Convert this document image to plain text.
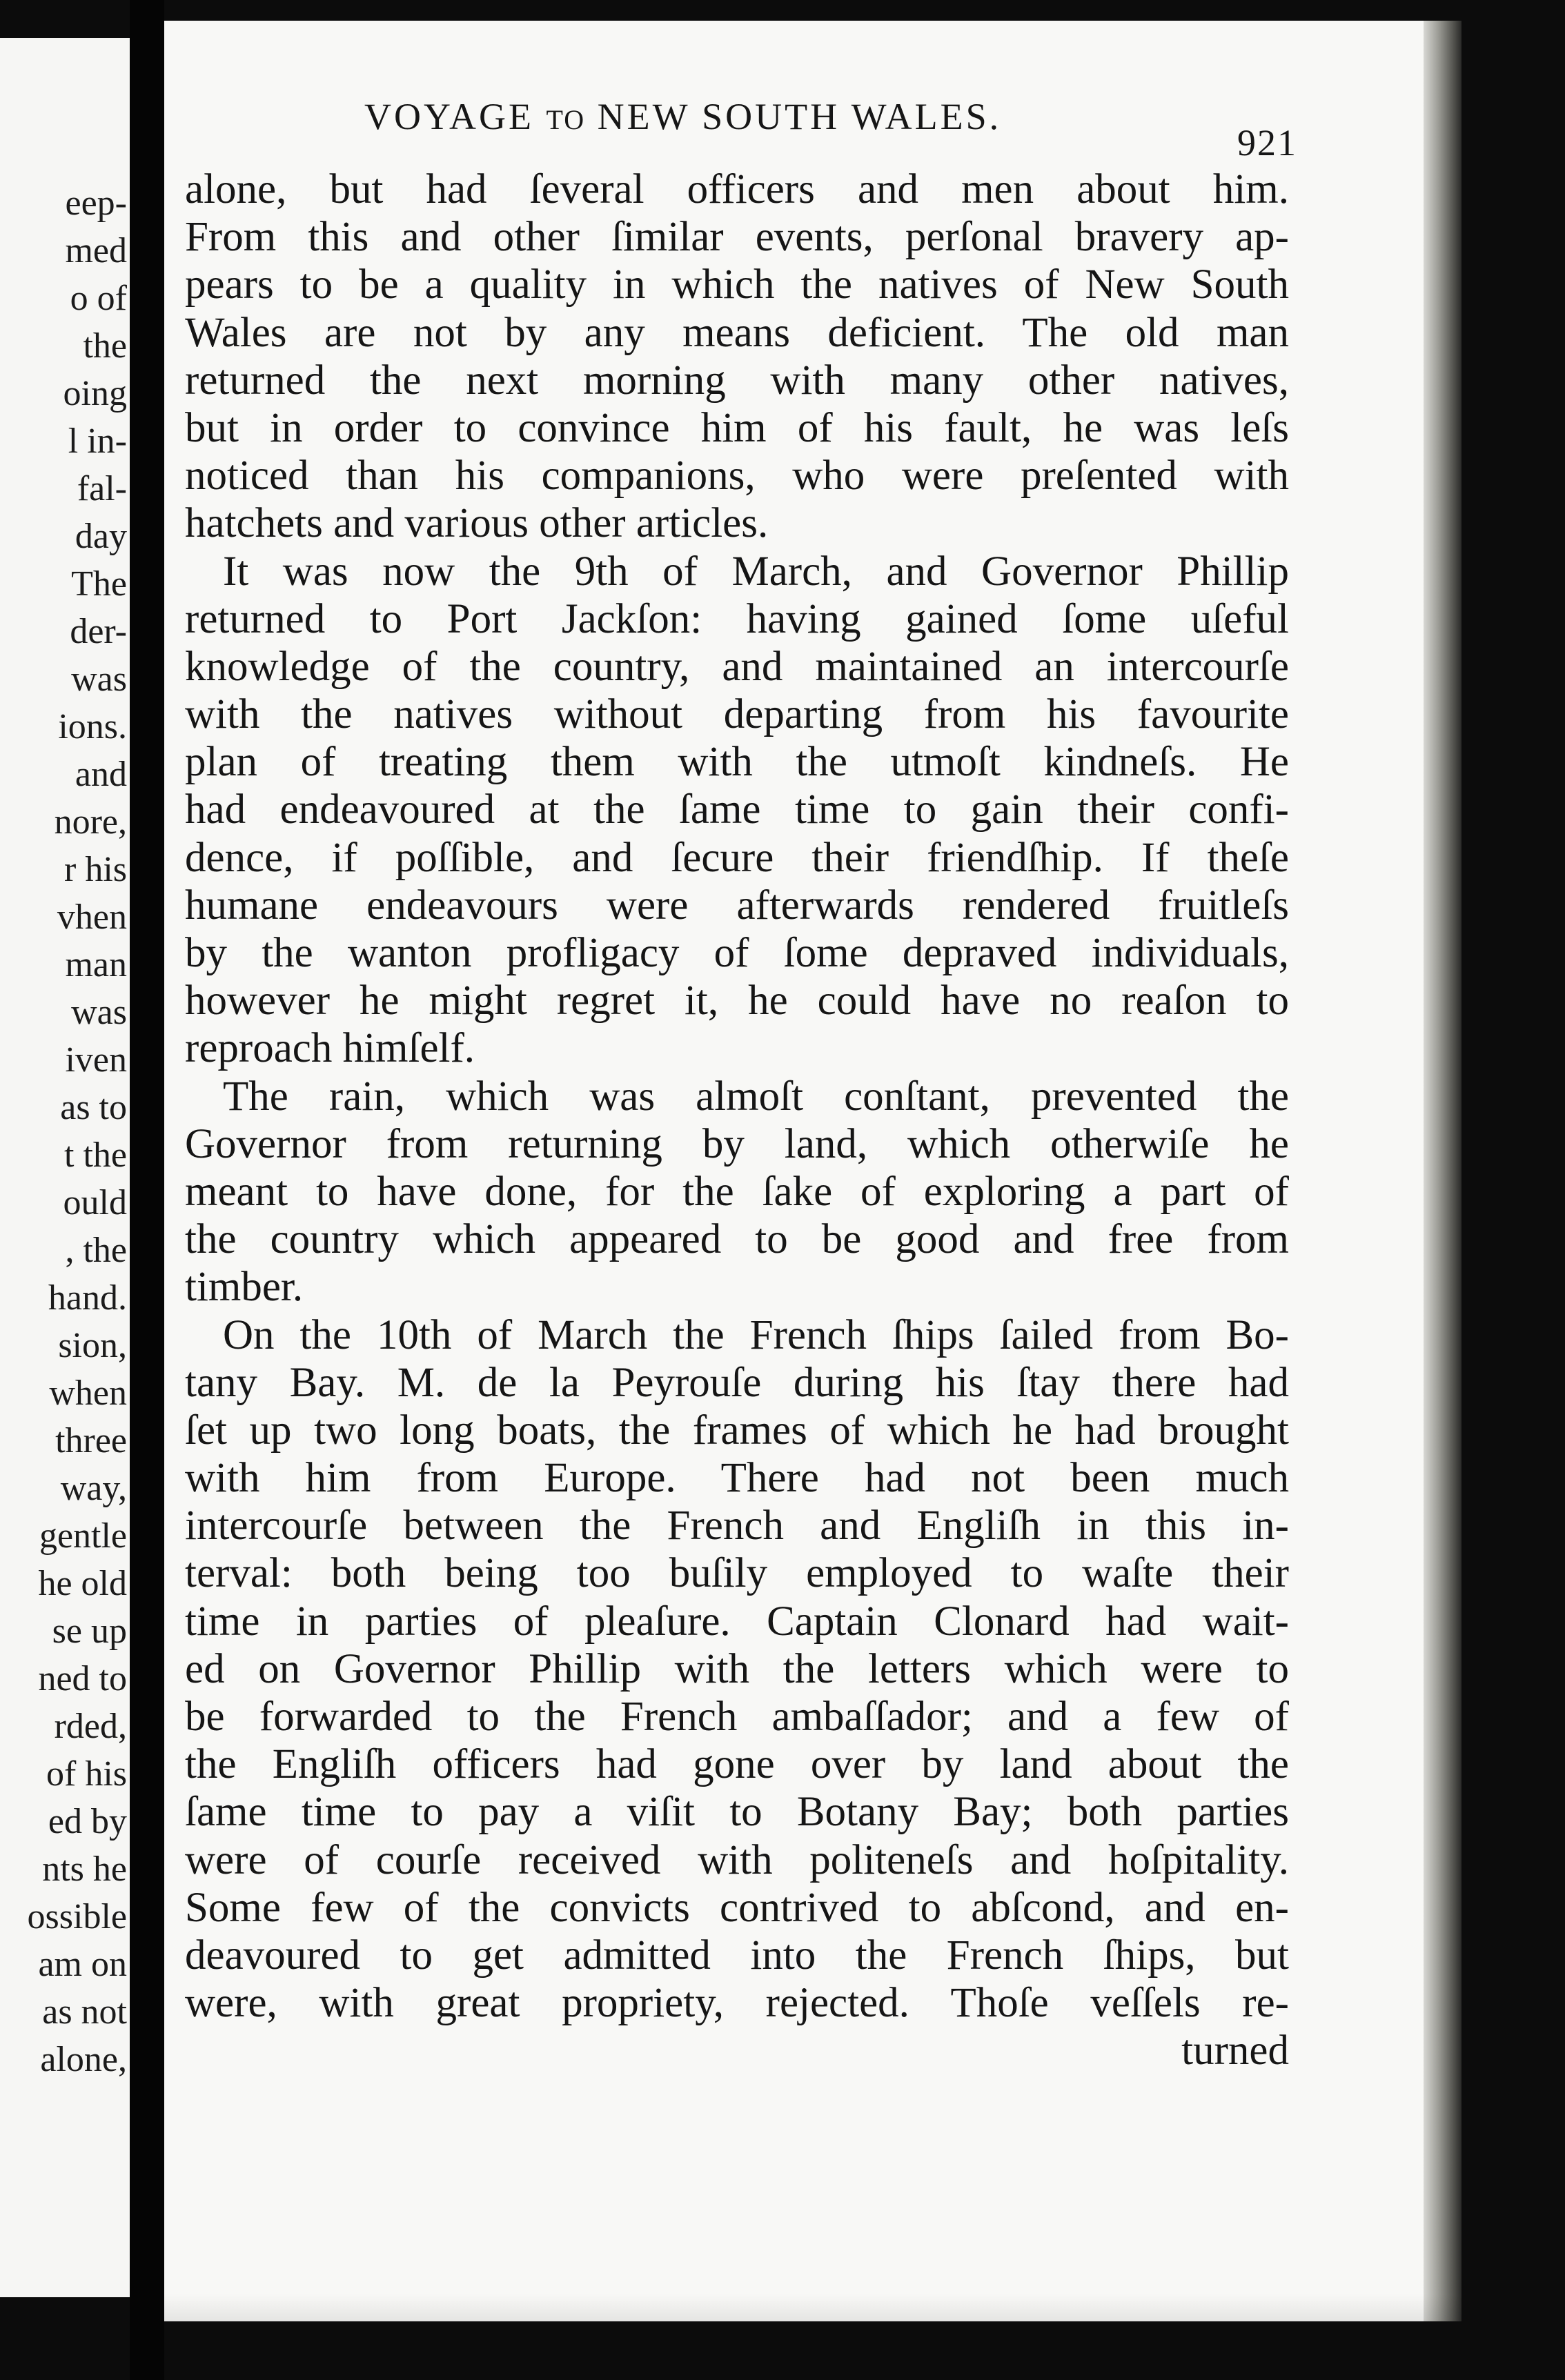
eep-
med
o of
the
oing
l in-
fal-
day
The
der-
was
ions.
and
nore,
r his
vhen
man
was
iven
as to
t the
ould
, the
hand.
sion,
when
three
way,
gentle
he old
se up
ned to
rded,
of his
ed by
nts he
ossible
am on
as not
alone,
VOYAGE TO NEW SOUTH WALES.
921
alone, but had ſeveral officers and men about him.
From this and other ſimilar events, perſonal bravery ap-
pears to be a quality in which the natives of New South
Wales are not by any means deficient. The old man
returned the next morning with many other natives,
but in order to convince him of his fault, he was leſs
noticed than his companions, who were preſented with
hatchets and various other articles.
It was now the 9th of March, and Governor Phillip
returned to Port Jackſon: having gained ſome uſeful
knowledge of the country, and maintained an intercourſe
with the natives without departing from his favourite
plan of treating them with the utmoſt kindneſs. He
had endeavoured at the ſame time to gain their confi-
dence, if poſſible, and ſecure their friendſhip. If theſe
humane endeavours were afterwards rendered fruitleſs
by the wanton profligacy of ſome depraved individuals,
however he might regret it, he could have no reaſon to
reproach himſelf.
The rain, which was almoſt conſtant, prevented the
Governor from returning by land, which otherwiſe he
meant to have done, for the ſake of exploring a part of
the country which appeared to be good and free from
timber.
On the 10th of March the French ſhips ſailed from Bo-
tany Bay. M. de la Peyrouſe during his ſtay there had
ſet up two long boats, the frames of which he had brought
with him from Europe. There had not been much
intercourſe between the French and Engliſh in this in-
terval: both being too buſily employed to waſte their
time in parties of pleaſure. Captain Clonard had wait-
ed on Governor Phillip with the letters which were to
be forwarded to the French ambaſſador; and a few of
the Engliſh officers had gone over by land about the
ſame time to pay a viſit to Botany Bay; both parties
were of courſe received with politeneſs and hoſpitality.
Some few of the convicts contrived to abſcond, and en-
deavoured to get admitted into the French ſhips, but
were, with great propriety, rejected. Thoſe veſſels re-
turned
